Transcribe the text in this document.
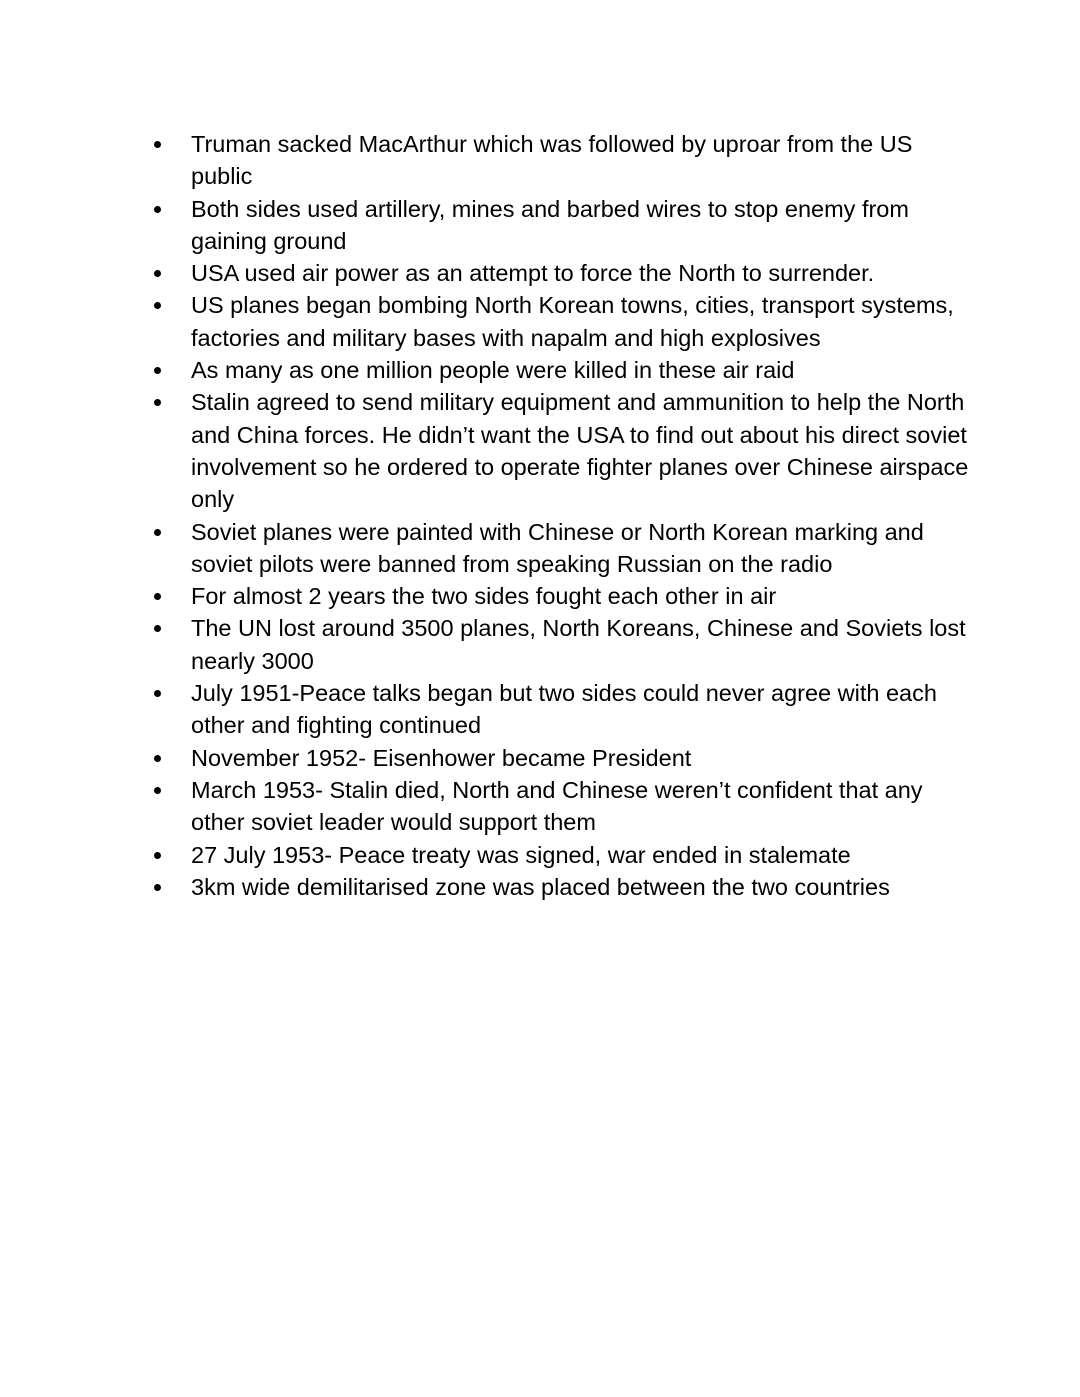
Truman sacked MacArthur which was followed by uproar from the US public
Both sides used artillery, mines and barbed wires to stop enemy from gaining ground
USA used air power as an attempt to force the North to surrender.
US planes began bombing North Korean towns, cities, transport systems, factories and military bases with napalm and high explosives
As many as one million people were killed in these air raid
Stalin agreed to send military equipment and ammunition to help the North and China forces. He didn’t want the USA to find out about his direct soviet involvement so he ordered to operate fighter planes over Chinese airspace only
Soviet planes were painted with Chinese or North Korean marking and soviet pilots were banned from speaking Russian on the radio
For almost 2 years the two sides fought each other in air
The UN lost around 3500 planes, North Koreans, Chinese and Soviets lost nearly 3000
July 1951-Peace talks began but two sides could never agree with each other and fighting continued
November 1952- Eisenhower became President
March 1953- Stalin died, North and Chinese weren’t confident that any other soviet leader would support them
27 July 1953- Peace treaty was signed, war ended in stalemate
3km wide demilitarised zone was placed between the two countries
